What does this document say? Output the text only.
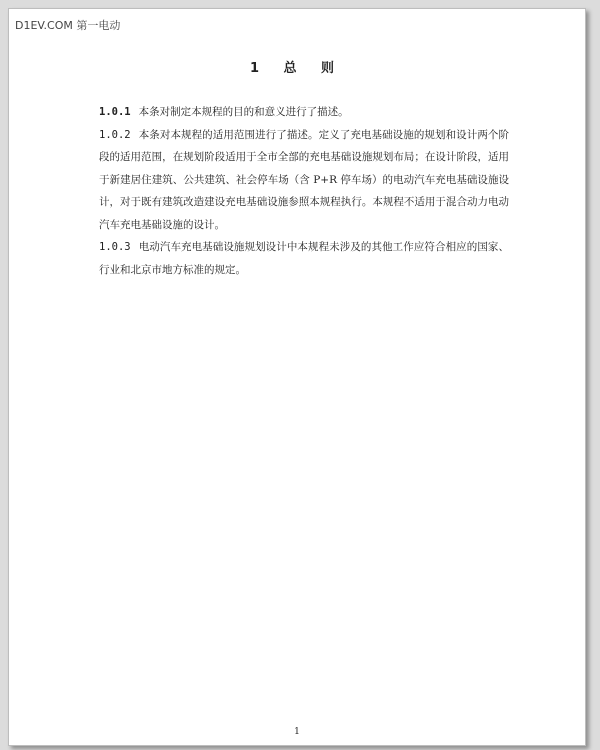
D1EV.COM 第一电动
1 总 则

1.0.1 本条对制定本规程的目的和意义进行了描述。

1.0.2 本条对本规程的适用范围进行了描述。定义了充电基础设施的规划和设计两个阶段的适用范围，在规划阶段适用于全市全部的充电基础设施规划布局；在设计阶段，适用于新建居住建筑、公共建筑、社会停车场（含 P+R 停车场）的电动汽车充电基础设施设计，对于既有建筑改造建设充电基础设施参照本规程执行。本规程不适用于混合动力电动汽车充电基础设施的设计。

1.0.3 电动汽车充电基础设施规划设计中本规程未涉及的其他工作应符合相应的国家、行业和北京市地方标准的规定。

1
